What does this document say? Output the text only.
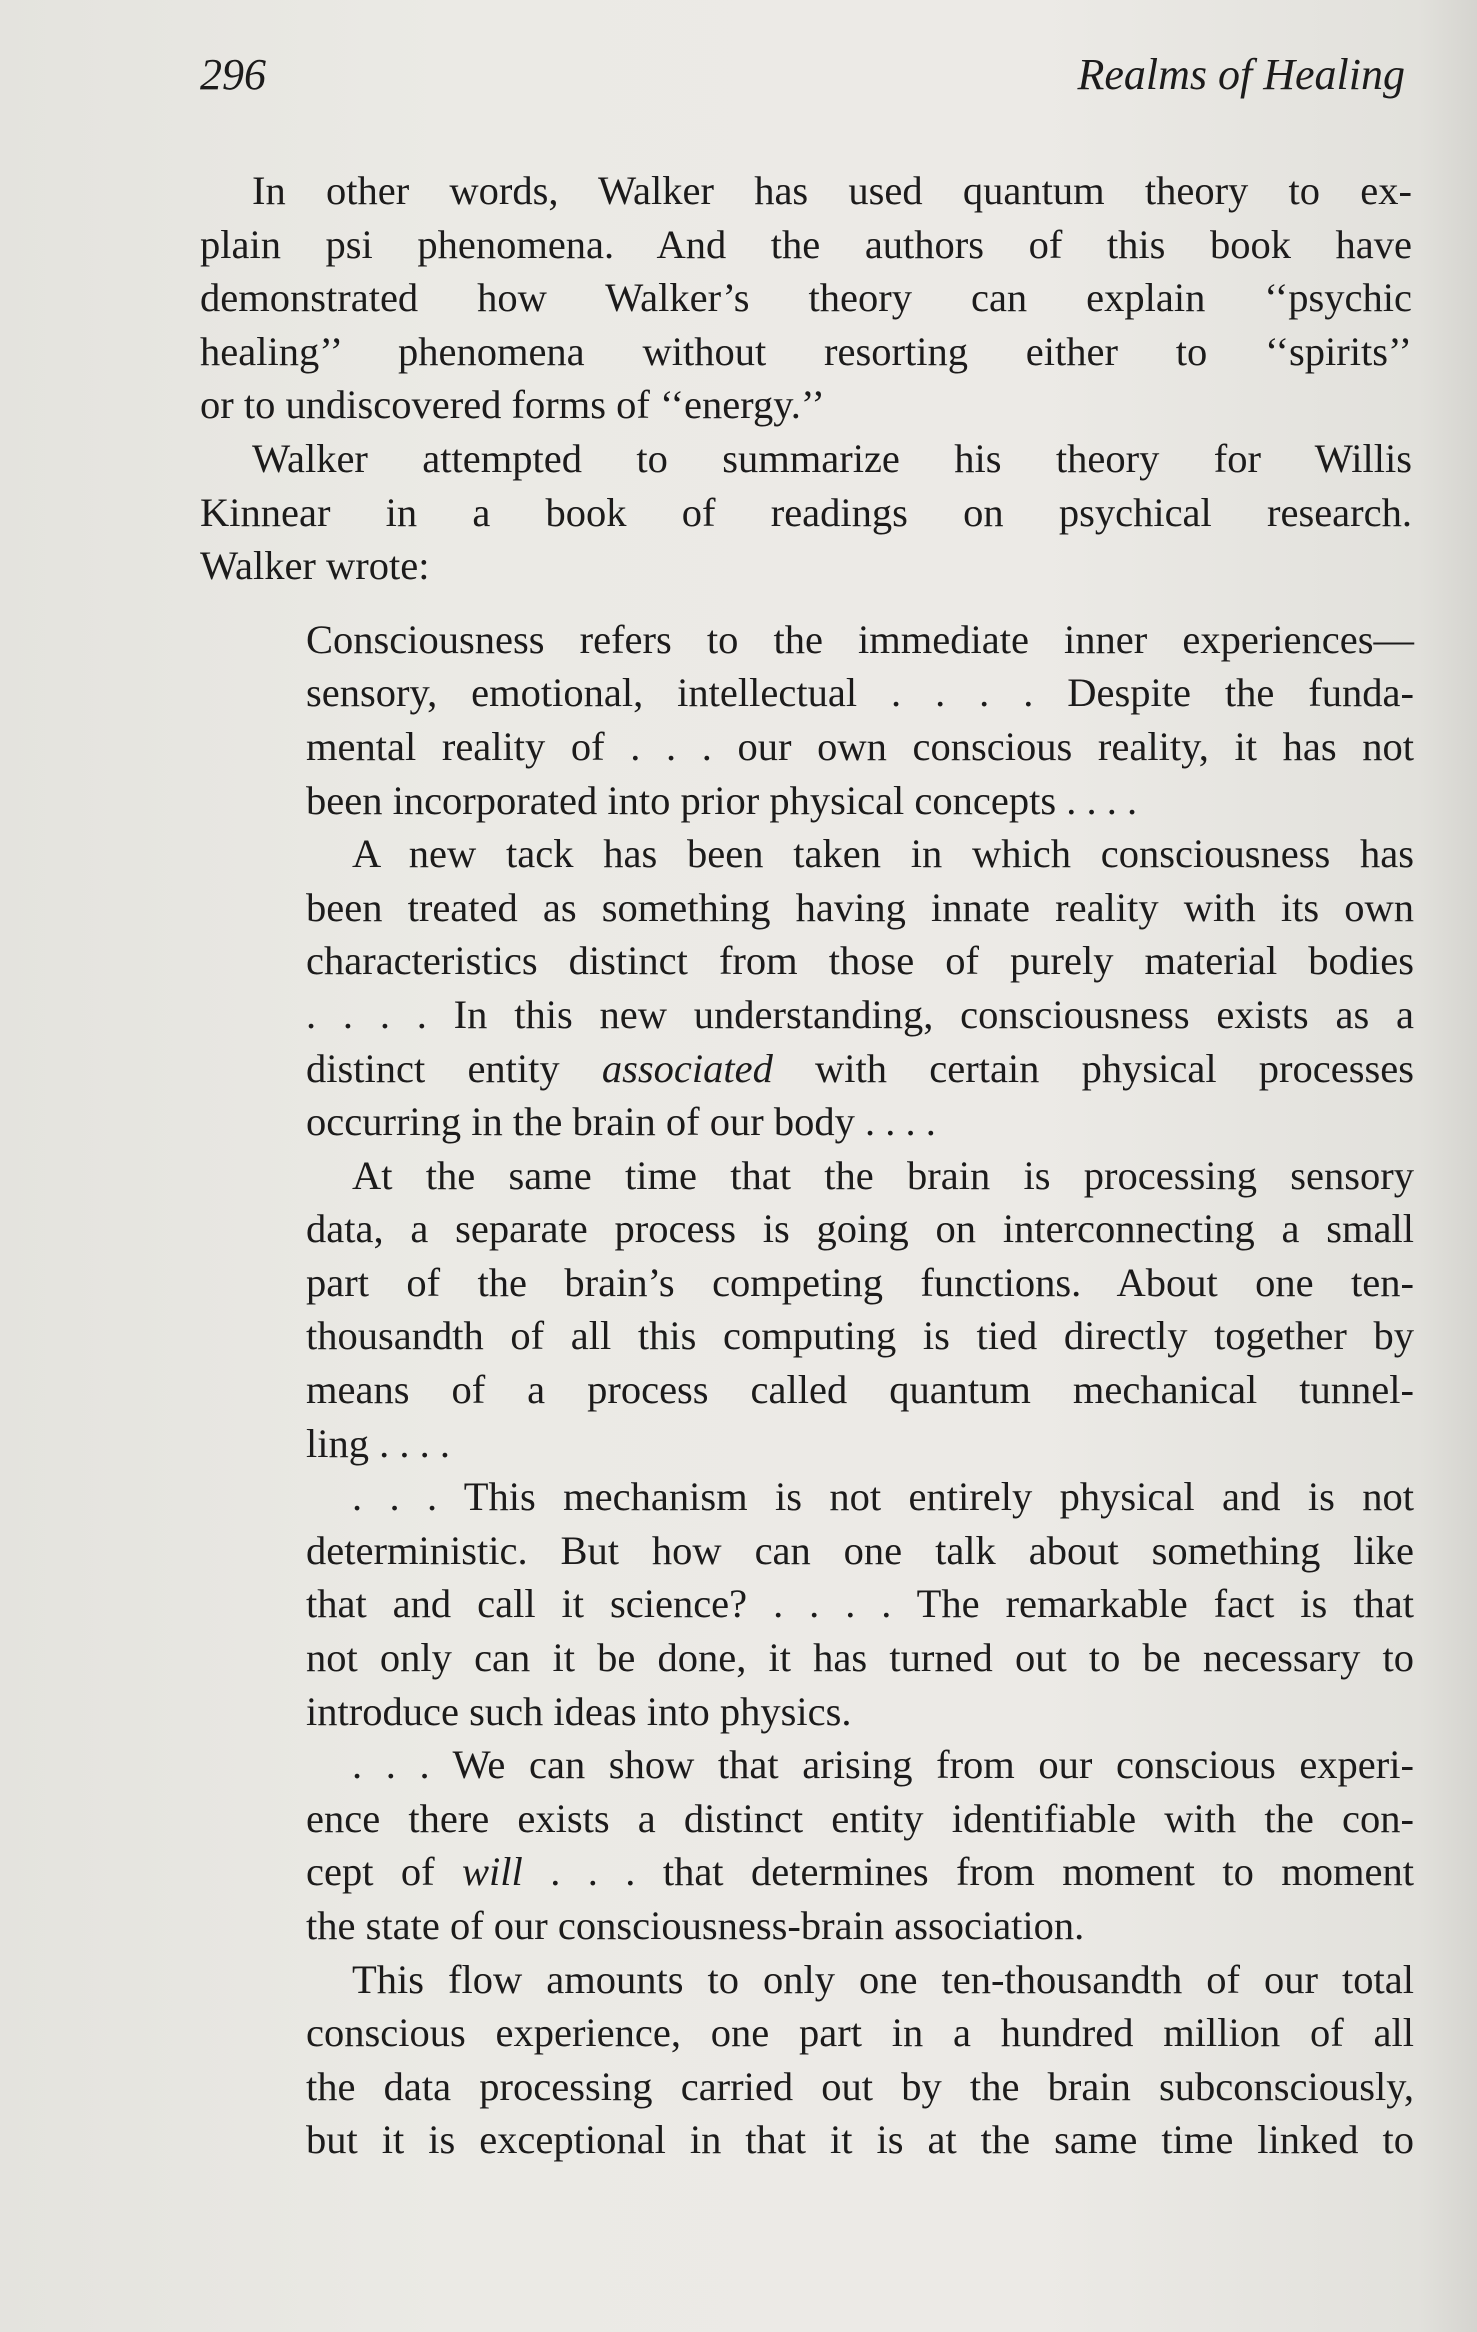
296	Realms of Healing
In other words, Walker has used quantum theory to ex-
plain psi phenomena. And the authors of this book have
demonstrated how Walker’s theory can explain ‘‘psychic
healing’’ phenomena without resorting either to ‘‘spirits’’
or to undiscovered forms of ‘‘energy.’’
Walker attempted to summarize his theory for Willis
Kinnear in a book of readings on psychical research.
Walker wrote:
Consciousness refers to the immediate inner experiences—
sensory, emotional, intellectual . . . . Despite the funda-
mental reality of . . . our own conscious reality, it has not
been incorporated into prior physical concepts . . . .
A new tack has been taken in which consciousness has
been treated as something having innate reality with its own
characteristics distinct from those of purely material bodies
. . . . In this new understanding, consciousness exists as a
distinct entity associated with certain physical processes
occurring in the brain of our body . . . .
At the same time that the brain is processing sensory
data, a separate process is going on interconnecting a small
part of the brain’s competing functions. About one ten-
thousandth of all this computing is tied directly together by
means of a process called quantum mechanical tunnel-
ling . . . .
. . . This mechanism is not entirely physical and is not
deterministic. But how can one talk about something like
that and call it science? . . . . The remarkable fact is that
not only can it be done, it has turned out to be necessary to
introduce such ideas into physics.
. . . We can show that arising from our conscious experi-
ence there exists a distinct entity identifiable with the con-
cept of will . . . that determines from moment to moment
the state of our consciousness-brain association.
This flow amounts to only one ten-thousandth of our total
conscious experience, one part in a hundred million of all
the data processing carried out by the brain subconsciously,
but it is exceptional in that it is at the same time linked to
